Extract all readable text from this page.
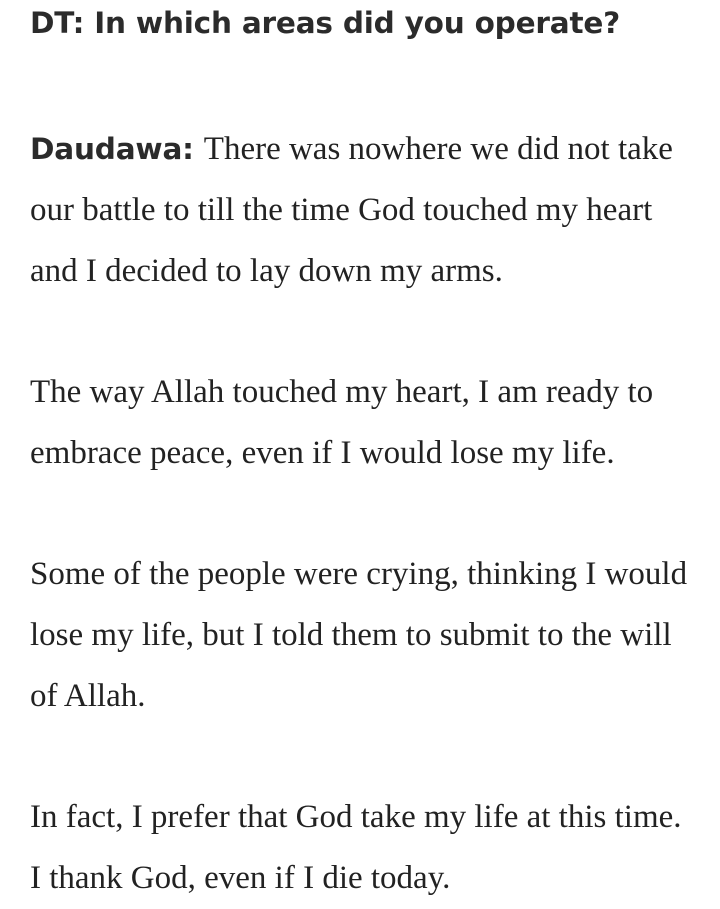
DT: In which areas did you operate?

Daudawa: There was nowhere we did not take our battle to till the time God touched my heart and I decided to lay down my arms.

The way Allah touched my heart, I am ready to embrace peace, even if I would lose my life.

Some of the people were crying, thinking I would lose my life, but I told them to submit to the will of Allah.

In fact, I prefer that God take my life at this time. I thank God, even if I die today.
